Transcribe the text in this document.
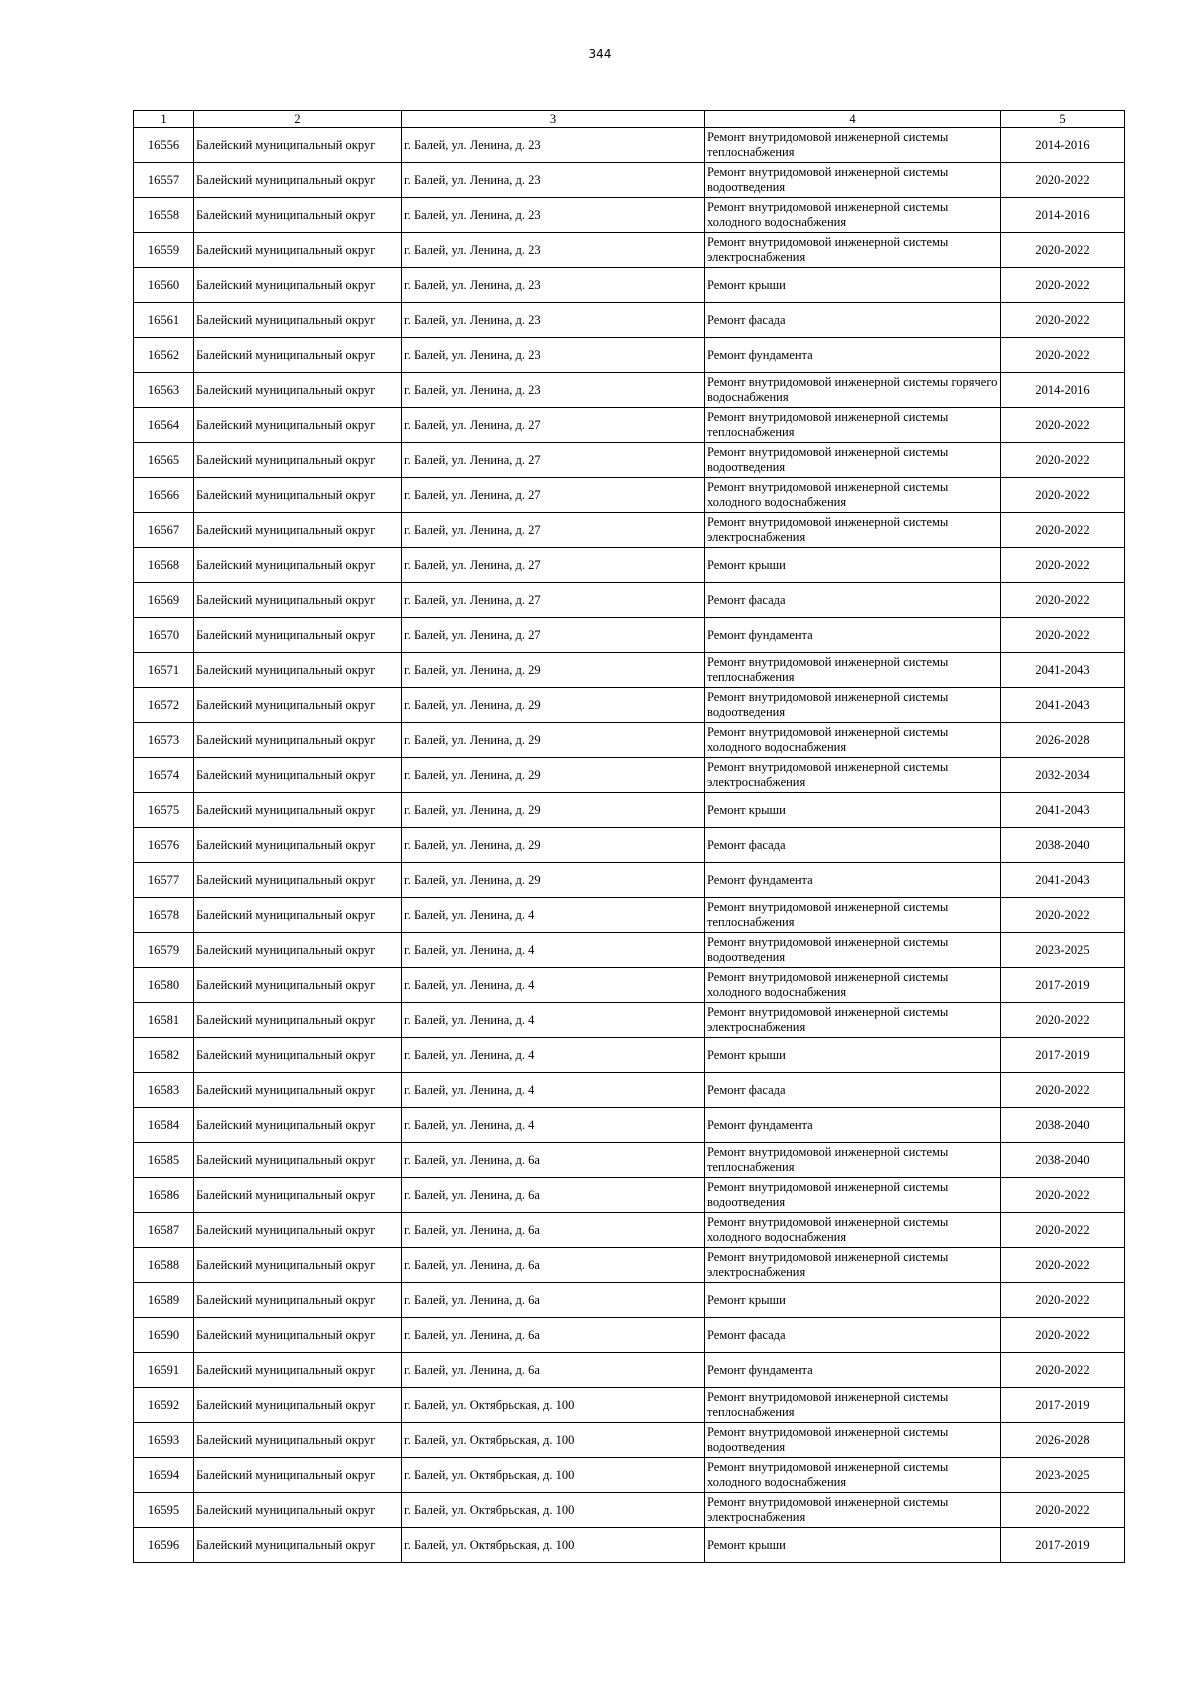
344
1	2	3	4	5
16556	Балейский муниципальный округ	г. Балей, ул. Ленина, д. 23	Ремонт внутридомовой инженерной системы теплоснабжения	2014-2016
16557	Балейский муниципальный округ	г. Балей, ул. Ленина, д. 23	Ремонт внутридомовой инженерной системы водоотведения	2020-2022
16558	Балейский муниципальный округ	г. Балей, ул. Ленина, д. 23	Ремонт внутридомовой инженерной системы холодного водоснабжения	2014-2016
16559	Балейский муниципальный округ	г. Балей, ул. Ленина, д. 23	Ремонт внутридомовой инженерной системы электроснабжения	2020-2022
16560	Балейский муниципальный округ	г. Балей, ул. Ленина, д. 23	Ремонт крыши	2020-2022
16561	Балейский муниципальный округ	г. Балей, ул. Ленина, д. 23	Ремонт фасада	2020-2022
16562	Балейский муниципальный округ	г. Балей, ул. Ленина, д. 23	Ремонт фундамента	2020-2022
16563	Балейский муниципальный округ	г. Балей, ул. Ленина, д. 23	Ремонт внутридомовой инженерной системы горячего водоснабжения	2014-2016
16564	Балейский муниципальный округ	г. Балей, ул. Ленина, д. 27	Ремонт внутридомовой инженерной системы теплоснабжения	2020-2022
16565	Балейский муниципальный округ	г. Балей, ул. Ленина, д. 27	Ремонт внутридомовой инженерной системы водоотведения	2020-2022
16566	Балейский муниципальный округ	г. Балей, ул. Ленина, д. 27	Ремонт внутридомовой инженерной системы холодного водоснабжения	2020-2022
16567	Балейский муниципальный округ	г. Балей, ул. Ленина, д. 27	Ремонт внутридомовой инженерной системы электроснабжения	2020-2022
16568	Балейский муниципальный округ	г. Балей, ул. Ленина, д. 27	Ремонт крыши	2020-2022
16569	Балейский муниципальный округ	г. Балей, ул. Ленина, д. 27	Ремонт фасада	2020-2022
16570	Балейский муниципальный округ	г. Балей, ул. Ленина, д. 27	Ремонт фундамента	2020-2022
16571	Балейский муниципальный округ	г. Балей, ул. Ленина, д. 29	Ремонт внутридомовой инженерной системы теплоснабжения	2041-2043
16572	Балейский муниципальный округ	г. Балей, ул. Ленина, д. 29	Ремонт внутридомовой инженерной системы водоотведения	2041-2043
16573	Балейский муниципальный округ	г. Балей, ул. Ленина, д. 29	Ремонт внутридомовой инженерной системы холодного водоснабжения	2026-2028
16574	Балейский муниципальный округ	г. Балей, ул. Ленина, д. 29	Ремонт внутридомовой инженерной системы электроснабжения	2032-2034
16575	Балейский муниципальный округ	г. Балей, ул. Ленина, д. 29	Ремонт крыши	2041-2043
16576	Балейский муниципальный округ	г. Балей, ул. Ленина, д. 29	Ремонт фасада	2038-2040
16577	Балейский муниципальный округ	г. Балей, ул. Ленина, д. 29	Ремонт фундамента	2041-2043
16578	Балейский муниципальный округ	г. Балей, ул. Ленина, д. 4	Ремонт внутридомовой инженерной системы теплоснабжения	2020-2022
16579	Балейский муниципальный округ	г. Балей, ул. Ленина, д. 4	Ремонт внутридомовой инженерной системы водоотведения	2023-2025
16580	Балейский муниципальный округ	г. Балей, ул. Ленина, д. 4	Ремонт внутридомовой инженерной системы холодного водоснабжения	2017-2019
16581	Балейский муниципальный округ	г. Балей, ул. Ленина, д. 4	Ремонт внутридомовой инженерной системы электроснабжения	2020-2022
16582	Балейский муниципальный округ	г. Балей, ул. Ленина, д. 4	Ремонт крыши	2017-2019
16583	Балейский муниципальный округ	г. Балей, ул. Ленина, д. 4	Ремонт фасада	2020-2022
16584	Балейский муниципальный округ	г. Балей, ул. Ленина, д. 4	Ремонт фундамента	2038-2040
16585	Балейский муниципальный округ	г. Балей, ул. Ленина, д. 6а	Ремонт внутридомовой инженерной системы теплоснабжения	2038-2040
16586	Балейский муниципальный округ	г. Балей, ул. Ленина, д. 6а	Ремонт внутридомовой инженерной системы водоотведения	2020-2022
16587	Балейский муниципальный округ	г. Балей, ул. Ленина, д. 6а	Ремонт внутридомовой инженерной системы холодного водоснабжения	2020-2022
16588	Балейский муниципальный округ	г. Балей, ул. Ленина, д. 6а	Ремонт внутридомовой инженерной системы электроснабжения	2020-2022
16589	Балейский муниципальный округ	г. Балей, ул. Ленина, д. 6а	Ремонт крыши	2020-2022
16590	Балейский муниципальный округ	г. Балей, ул. Ленина, д. 6а	Ремонт фасада	2020-2022
16591	Балейский муниципальный округ	г. Балей, ул. Ленина, д. 6а	Ремонт фундамента	2020-2022
16592	Балейский муниципальный округ	г. Балей, ул. Октябрьская, д. 100	Ремонт внутридомовой инженерной системы теплоснабжения	2017-2019
16593	Балейский муниципальный округ	г. Балей, ул. Октябрьская, д. 100	Ремонт внутридомовой инженерной системы водоотведения	2026-2028
16594	Балейский муниципальный округ	г. Балей, ул. Октябрьская, д. 100	Ремонт внутридомовой инженерной системы холодного водоснабжения	2023-2025
16595	Балейский муниципальный округ	г. Балей, ул. Октябрьская, д. 100	Ремонт внутридомовой инженерной системы электроснабжения	2020-2022
16596	Балейский муниципальный округ	г. Балей, ул. Октябрьская, д. 100	Ремонт крыши	2017-2019
